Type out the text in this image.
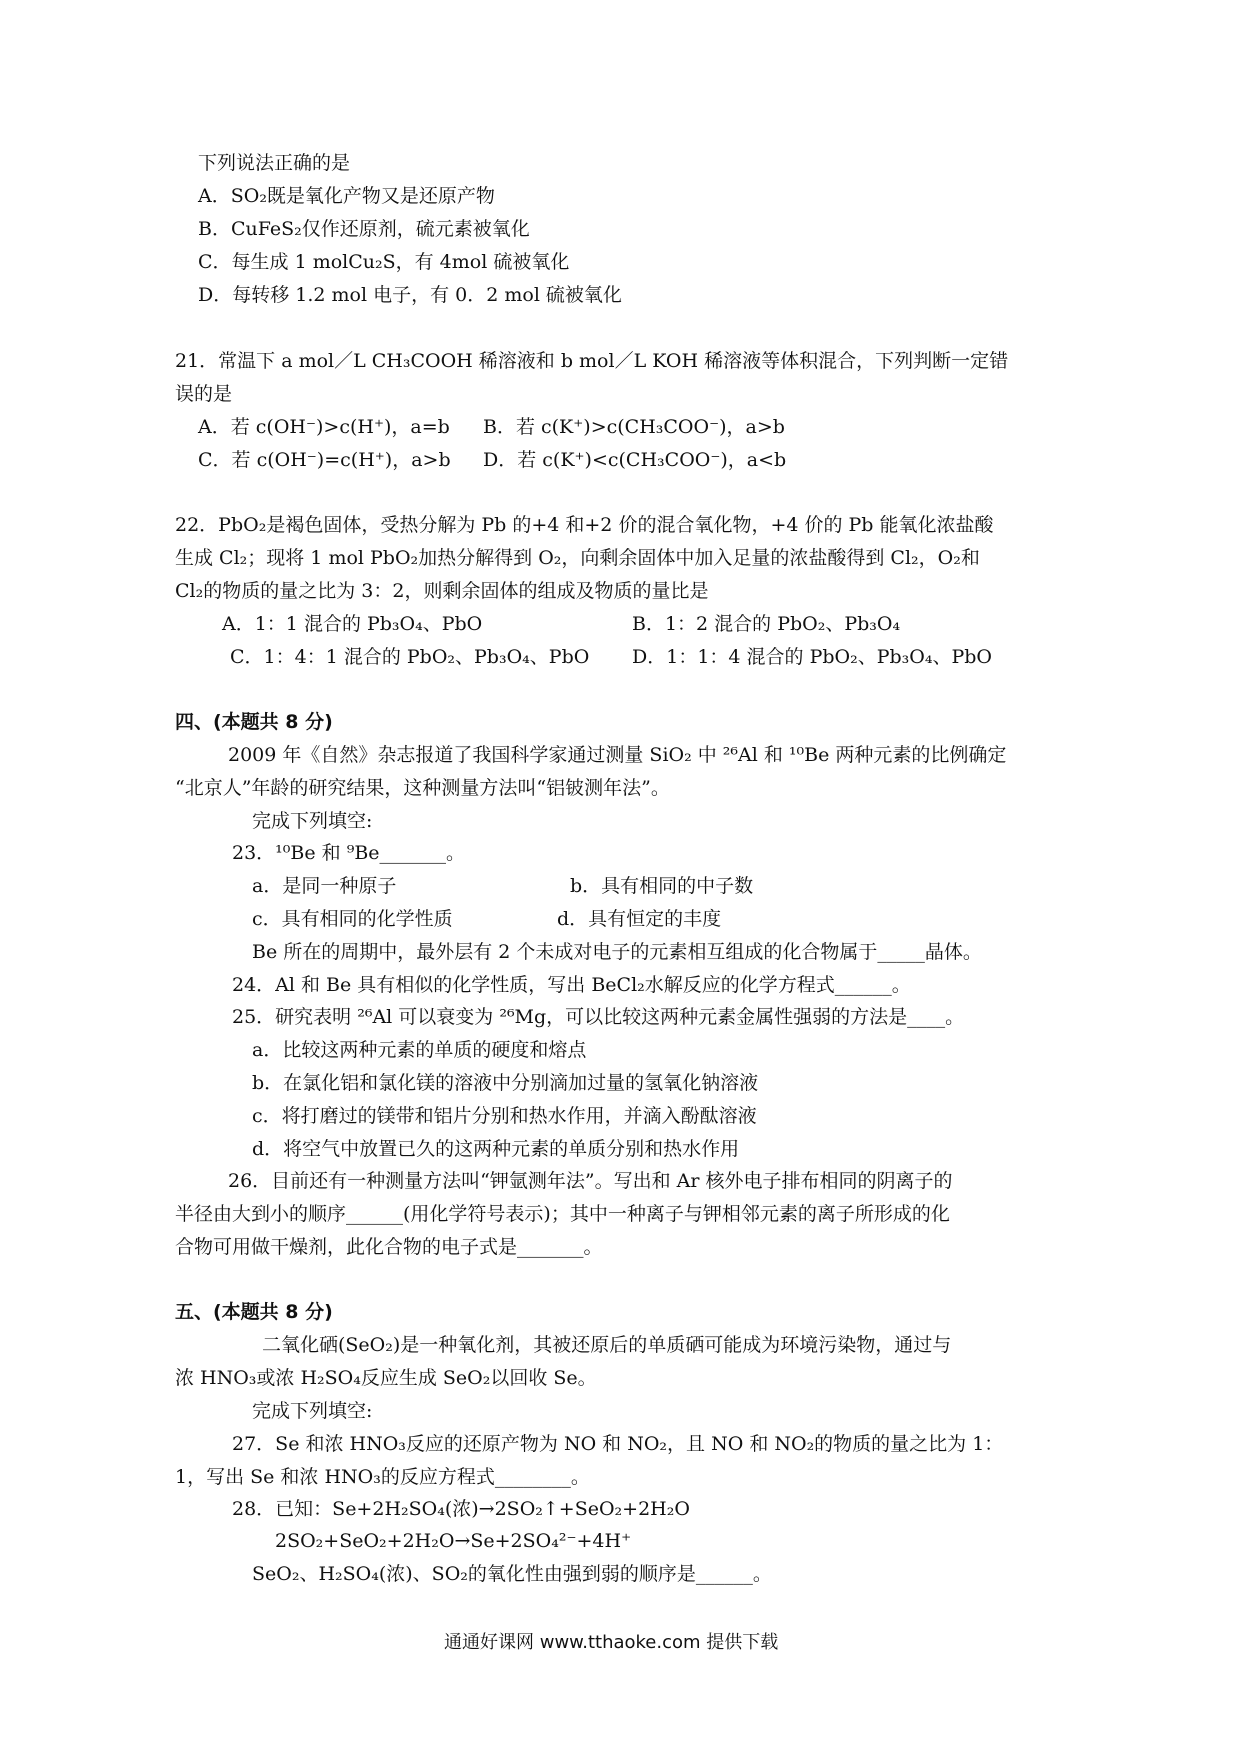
下列说法正确的是
A．SO₂既是氧化产物又是还原产物
B．CuFeS₂仅作还原剂，硫元素被氧化
C．每生成 1 molCu₂S，有 4mol 硫被氧化
D．每转移 1.2 mol 电子，有 0．2 mol 硫被氧化
21．常温下 a mol／L CH₃COOH 稀溶液和 b mol／L KOH 稀溶液等体积混合，下列判断一定错
误的是
A．若 c(OH⁻)>c(H⁺)，a=b B．若 c(K⁺)>c(CH₃COO⁻)，a>b
C．若 c(OH⁻)=c(H⁺)，a>b D．若 c(K⁺)<c(CH₃COO⁻)，a<b
22．PbO₂是褐色固体，受热分解为 Pb 的+4 和+2 价的混合氧化物，+4 价的 Pb 能氧化浓盐酸
生成 Cl₂；现将 1 mol PbO₂加热分解得到 O₂，向剩余固体中加入足量的浓盐酸得到 Cl₂，O₂和
Cl₂的物质的量之比为 3：2，则剩余固体的组成及物质的量比是
A．1：1 混合的 Pb₃O₄、PbO	B．1：2 混合的 PbO₂、Pb₃O₄
C．1：4：1 混合的 PbO₂、Pb₃O₄、PbO D．1：1：4 混合的 PbO₂、Pb₃O₄、PbO
四、(本题共 8 分)
2009 年《自然》杂志报道了我国科学家通过测量 SiO₂ 中 ²⁶Al 和 ¹⁰Be 两种元素的比例确定
“北京人”年龄的研究结果，这种测量方法叫“铝铍测年法”。
完成下列填空:
23．¹⁰Be 和 ⁹Be_______。
a．是同一种原子	b．具有相同的中子数
c．具有相同的化学性质	d．具有恒定的丰度
Be 所在的周期中，最外层有 2 个未成对电子的元素相互组成的化合物属于_____晶体。
24．Al 和 Be 具有相似的化学性质，写出 BeCl₂水解反应的化学方程式______。
25．研究表明 ²⁶Al 可以衰变为 ²⁶Mg，可以比较这两种元素金属性强弱的方法是____。
a．比较这两种元素的单质的硬度和熔点
b．在氯化铝和氯化镁的溶液中分别滴加过量的氢氧化钠溶液
c．将打磨过的镁带和铝片分别和热水作用，并滴入酚酞溶液
d．将空气中放置已久的这两种元素的单质分别和热水作用
26．目前还有一种测量方法叫“钾氩测年法”。写出和 Ar 核外电子排布相同的阴离子的
半径由大到小的顺序______(用化学符号表示)；其中一种离子与钾相邻元素的离子所形成的化
合物可用做干燥剂，此化合物的电子式是_______。
五、(本题共 8 分)
二氧化硒(SeO₂)是一种氧化剂，其被还原后的单质硒可能成为环境污染物，通过与
浓 HNO₃或浓 H₂SO₄反应生成 SeO₂以回收 Se。
完成下列填空:
27．Se 和浓 HNO₃反应的还原产物为 NO 和 NO₂，且 NO 和 NO₂的物质的量之比为 1：
1，写出 Se 和浓 HNO₃的反应方程式________。
28．已知：Se+2H₂SO₄(浓)→2SO₂↑+SeO₂+2H₂O
2SO₂+SeO₂+2H₂O→Se+2SO₄²⁻+4H⁺
SeO₂、H₂SO₄(浓)、SO₂的氧化性由强到弱的顺序是______。
通通好课网 www.tthaoke.com 提供下载
